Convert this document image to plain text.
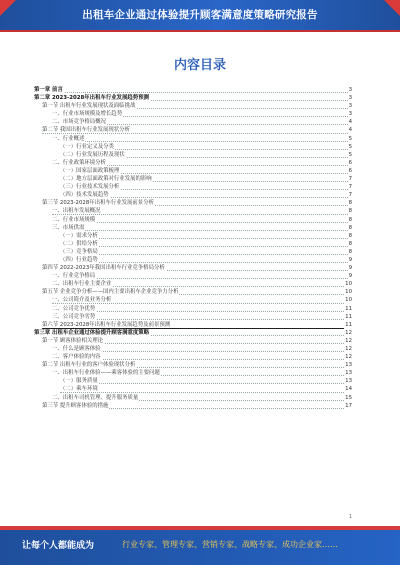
出租车企业通过体验提升顾客满意度策略研究报告
内容目录
第一章 前言	3
第二章 2023-2028年出租车行业发展趋势预测	3
第一节 出租车行业发展现状及面临挑战	3
一、行业市场规模及增长趋势	3
二、市场竞争格局概况	4
第二节 我国出租车行业发展现状分析	4
一、行业概述	5
（一）行业定义及分类	5
（二）行业发展历程及现状	5
二、行业政策环境分析	6
（一）国家层面政策梳理	6
（二）地方层面政策对行业发展的影响	7
（三）行业技术发展分析	7
（四）技术发展趋势	7
第三节 2023-2028年出租车行业发展前景分析	8
一、出租车发展概况	8
二、行业市场规模	8
三、市场供需	8
（一）需求分析	8
（二）供给分析	8
（三）竞争格局	8
（四）行业趋势	9
第四节 2022-2023年我国出租车行业竞争格局分析	9
一、行业竞争格局	9
二、出租车行业主要企业	10
第五节 企业竞争分析——国内主要出租车企业竞争力分析	10
一、公司简介及业务分析	10
二、公司竞争优势	11
三、公司竞争劣势	11
第六节 2023-2028年出租车行业发展趋势及前景预测	11
第三章 出租车企业通过体验提升顾客满意度策略	12
第一节 顾客体验相关理论	12
一、什么是顾客体验	12
二、客户体验的内容	12
第二节 出租车行业的客户体验现状分析	13
一、出租车行业体验——乘客体验的主要问题	13
（一）服务质量	13
（二）乘车环境	14
二、出租车司机管理、提升服务质量	15
第三节 提升顾客体验的措施	17
1
让每个人都能成为	行业专家、管理专家、营销专家、战略专家、成功企业家……
